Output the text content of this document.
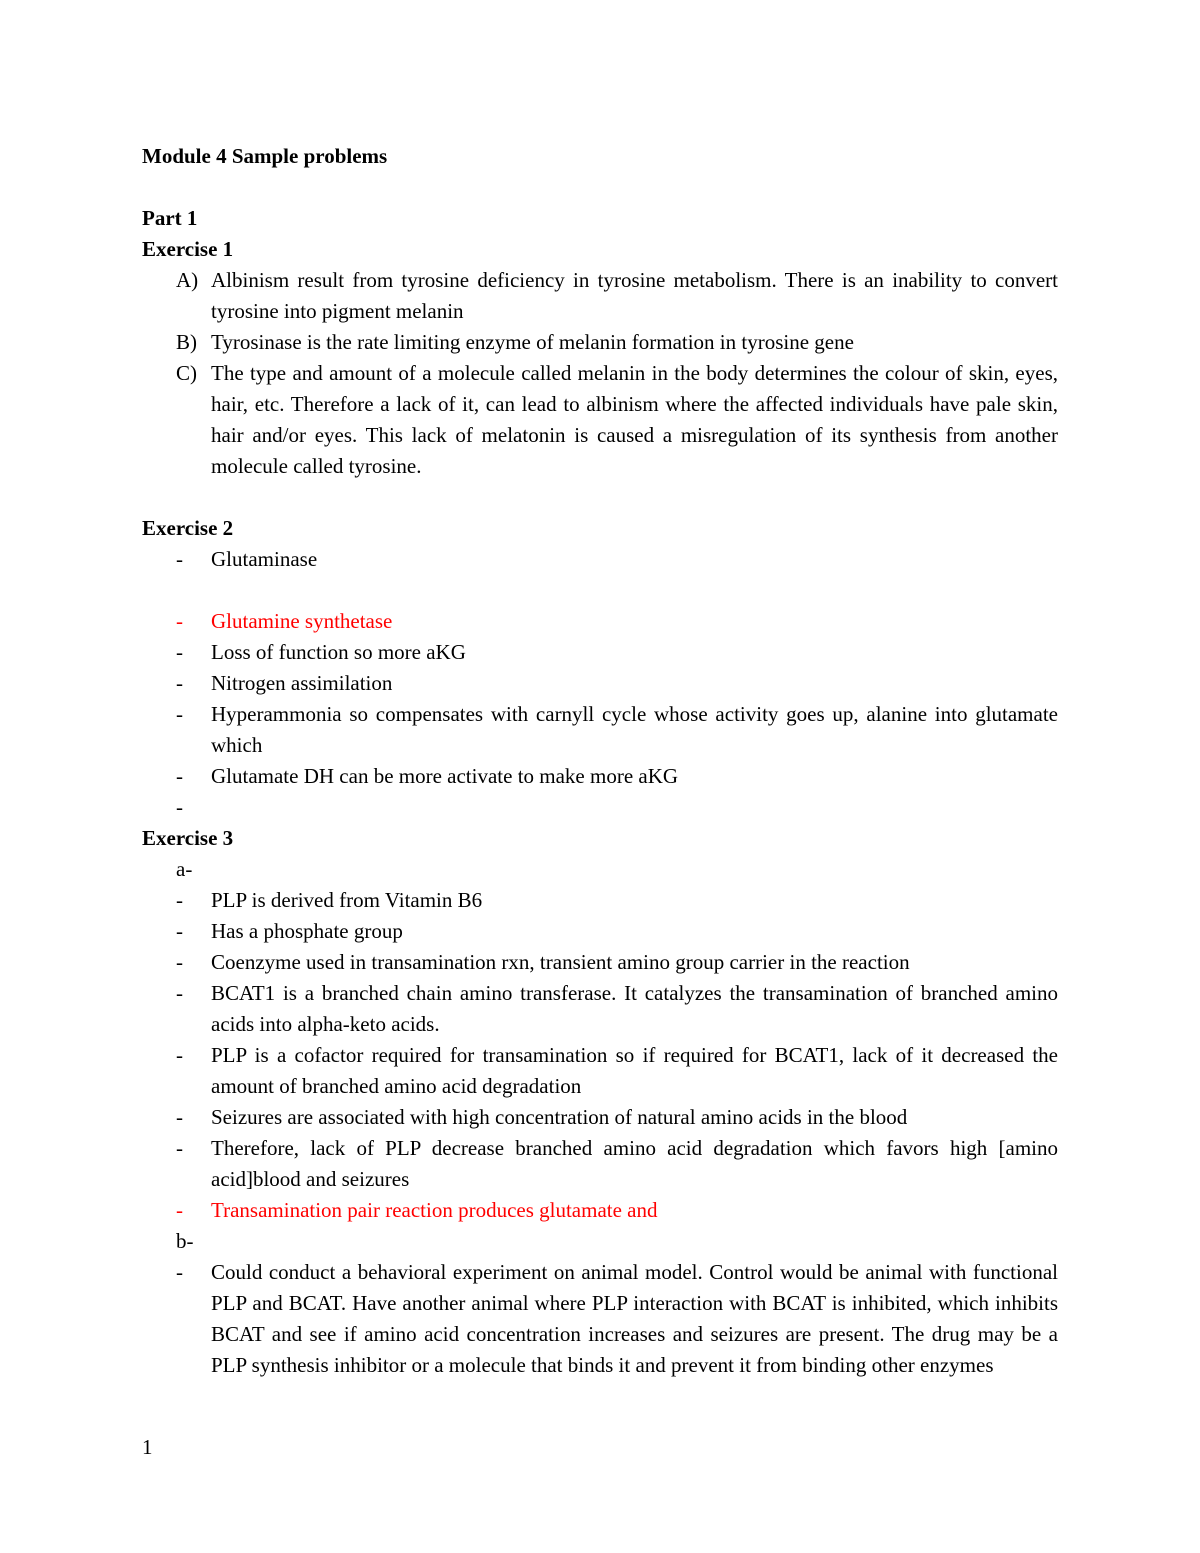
Module 4 Sample problems

Part 1

Exercise 1

A) Albinism result from tyrosine deficiency in tyrosine metabolism. There is an inability to convert tyrosine into pigment melanin
B) Tyrosinase is the rate limiting enzyme of melanin formation in tyrosine gene
C) The type and amount of a molecule called melanin in the body determines the colour of skin, eyes, hair, etc. Therefore a lack of it, can lead to albinism where the affected individuals have pale skin, hair and/or eyes. This lack of melatonin is caused a misregulation of its synthesis from another molecule called tyrosine.

Exercise 2

- Glutaminase
- Glutamine synthetase
- Loss of function so more aKG
- Nitrogen assimilation
- Hyperammonia so compensates with carnyll cycle whose activity goes up, alanine into glutamate which
- Glutamate DH can be more activate to make more aKG
-

Exercise 3

a-

- PLP is derived from Vitamin B6
- Has a phosphate group
- Coenzyme used in transamination rxn, transient amino group carrier in the reaction
- BCAT1 is a branched chain amino transferase. It catalyzes the transamination of branched amino acids into alpha-keto acids.
- PLP is a cofactor required for transamination so if required for BCAT1, lack of it decreased the amount of branched amino acid degradation
- Seizures are associated with high concentration of natural amino acids in the blood
- Therefore, lack of PLP decrease branched amino acid degradation which favors high [amino acid]blood and seizures
- Transamination pair reaction produces glutamate and

b-

- Could conduct a behavioral experiment on animal model. Control would be animal with functional PLP and BCAT. Have another animal where PLP interaction with BCAT is inhibited, which inhibits BCAT and see if amino acid concentration increases and seizures are present. The drug may be a PLP synthesis inhibitor or a molecule that binds it and prevent it from binding other enzymes
1
